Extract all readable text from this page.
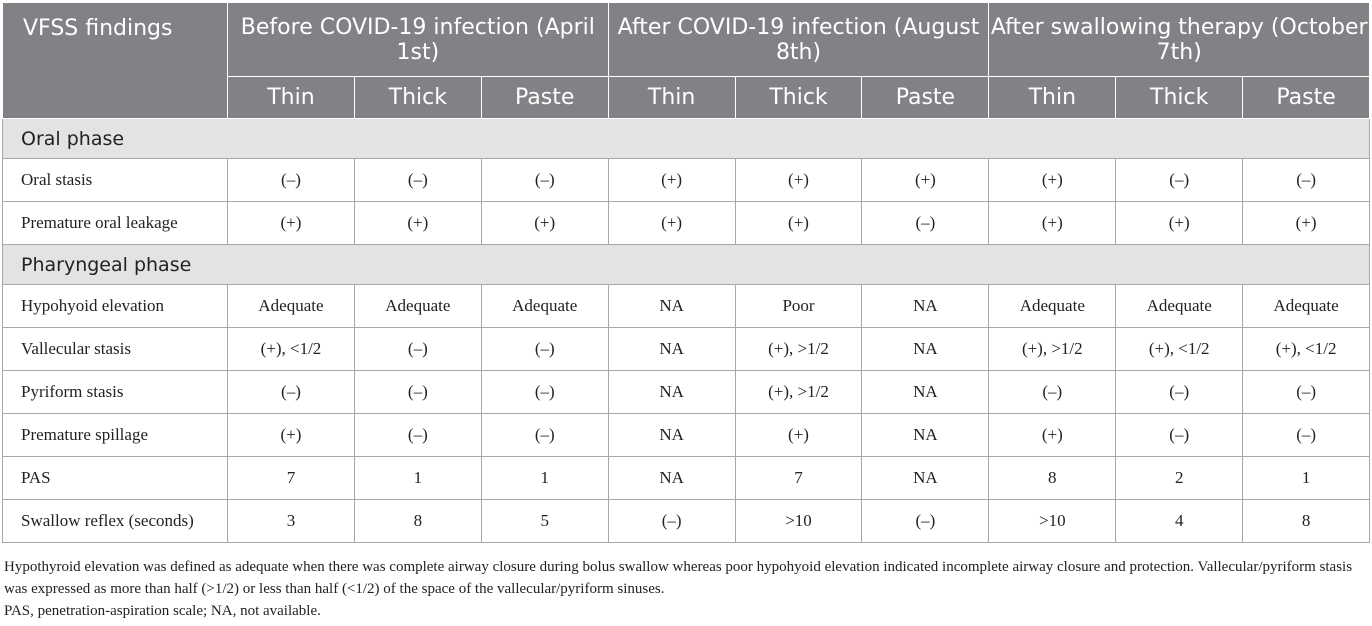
VFSS findings	Before COVID-19 infection (April 1st)			After COVID-19 infection (August 8th)			After swallowing therapy (October 7th)		
	Thin	Thick	Paste	Thin	Thick	Paste	Thin	Thick	Paste
Oral phase									
Oral stasis	(–)	(–)	(–)	(+)	(+)	(+)	(+)	(–)	(–)
Premature oral leakage	(+)	(+)	(+)	(+)	(+)	(–)	(+)	(+)	(+)
Pharyngeal phase									
Hypohyoid elevation	Adequate	Adequate	Adequate	NA	Poor	NA	Adequate	Adequate	Adequate
Vallecular stasis	(+), <1/2	(–)	(–)	NA	(+), >1/2	NA	(+), >1/2	(+), <1/2	(+), <1/2
Pyriform stasis	(–)	(–)	(–)	NA	(+), >1/2	NA	(–)	(–)	(–)
Premature spillage	(+)	(–)	(–)	NA	(+)	NA	(+)	(–)	(–)
PAS	7	1	1	NA	7	NA	8	2	1
Swallow reflex (seconds)	3	8	5	(–)	>10	(–)	>10	4	8

Hypothyroid elevation was defined as adequate when there was complete airway closure during bolus swallow whereas poor hypohyoid elevation indicated incomplete airway closure and protection. Vallecular/pyriform stasis was expressed as more than half (>1/2) or less than half (<1/2) of the space of the vallecular/pyriform sinuses.

PAS, penetration-aspiration scale; NA, not available.
